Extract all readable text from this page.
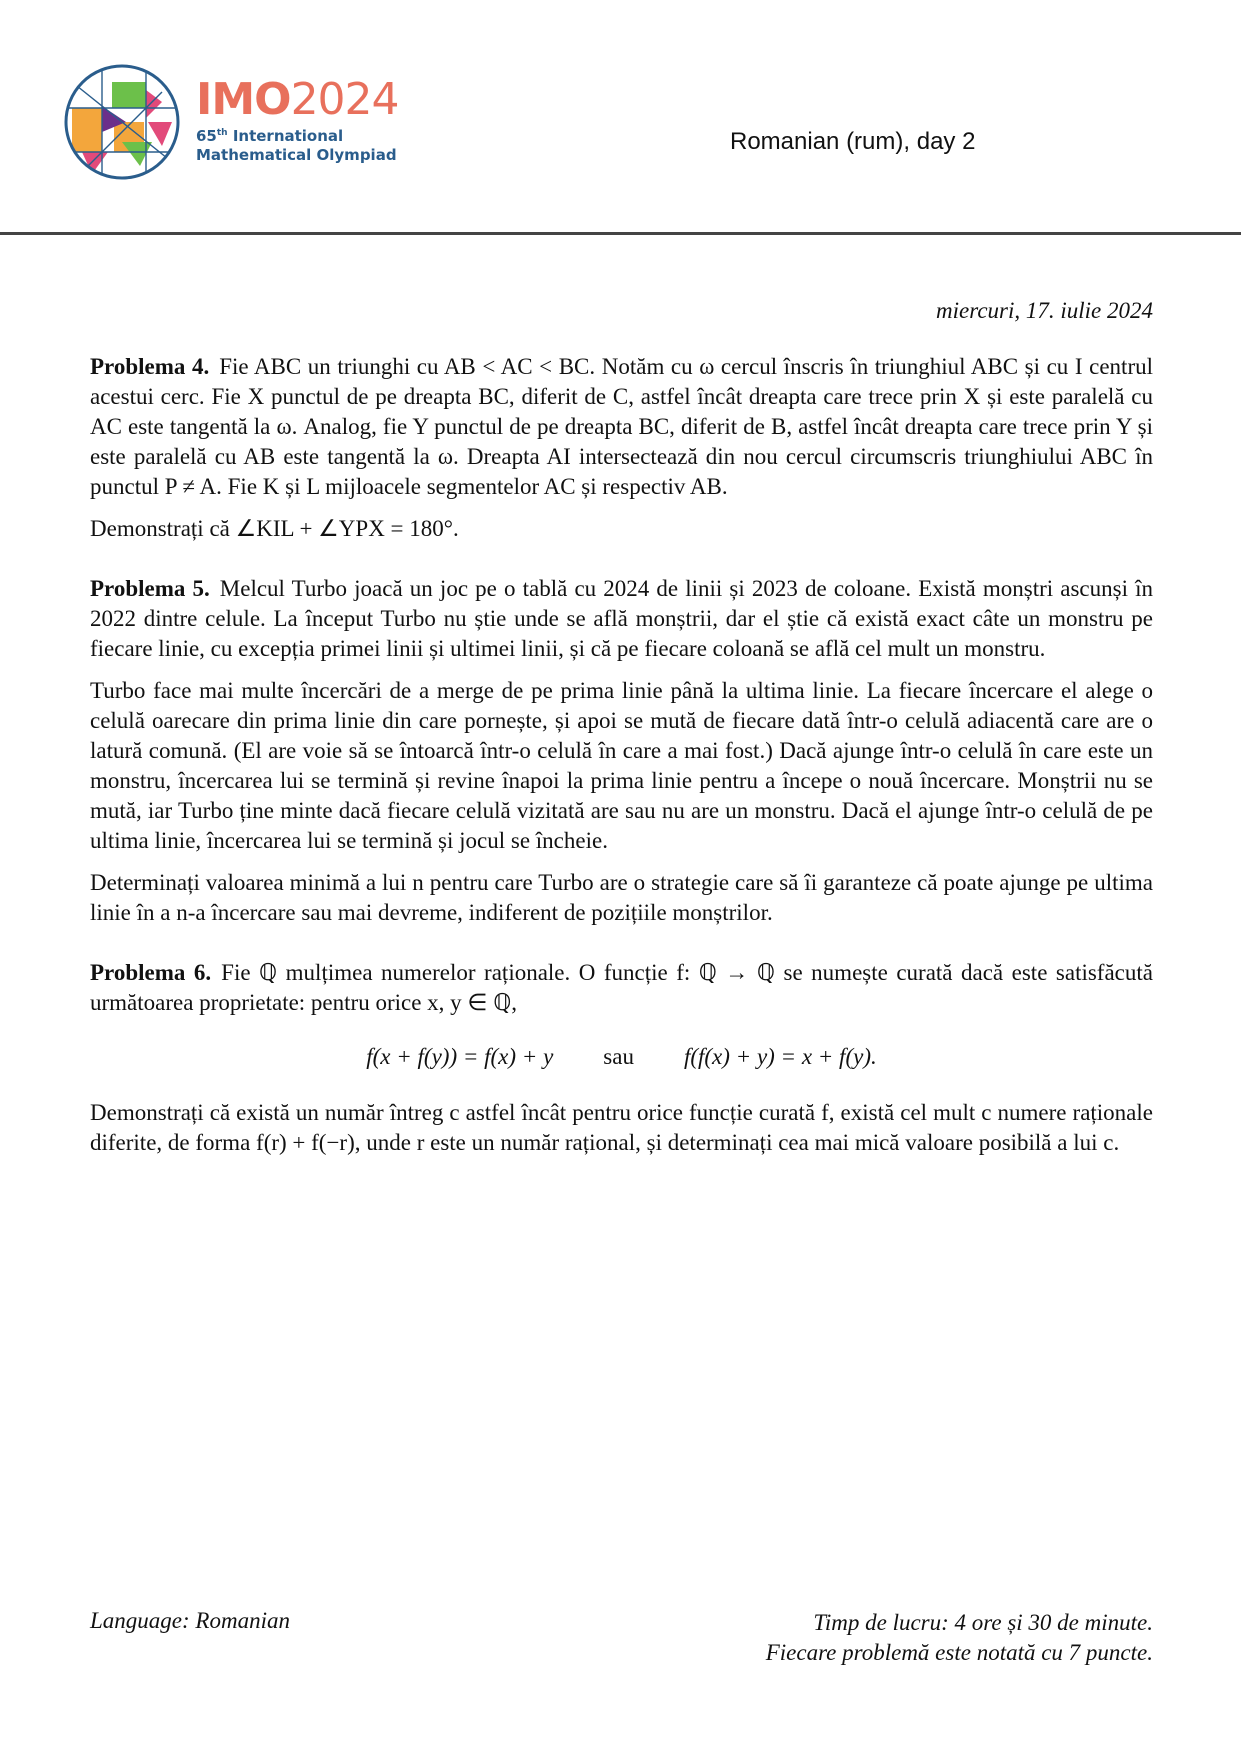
IMO2024
65th International
Mathematical Olympiad	Romanian (rum), day 2
miercuri, 17. iulie 2024

Problema 4. Fie ABC un triunghi cu AB < AC < BC. Notăm cu ω cercul înscris în triunghiul ABC și cu I centrul acestui cerc. Fie X punctul de pe dreapta BC, diferit de C, astfel încât dreapta care trece prin X și este paralelă cu AC este tangentă la ω. Analog, fie Y punctul de pe dreapta BC, diferit de B, astfel încât dreapta care trece prin Y și este paralelă cu AB este tangentă la ω. Dreapta AI intersectează din nou cercul circumscris triunghiului ABC în punctul P ≠ A. Fie K și L mijloacele segmentelor AC și respectiv AB.

Demonstrați că ∠KIL + ∠YPX = 180°.

Problema 5. Melcul Turbo joacă un joc pe o tablă cu 2024 de linii și 2023 de coloane. Există monștri ascunși în 2022 dintre celule. La început Turbo nu știe unde se află monștrii, dar el știe că există exact câte un monstru pe fiecare linie, cu excepția primei linii și ultimei linii, și că pe fiecare coloană se află cel mult un monstru.

Turbo face mai multe încercări de a merge de pe prima linie până la ultima linie. La fiecare încercare el alege o celulă oarecare din prima linie din care pornește, și apoi se mută de fiecare dată într-o celulă adiacentă care are o latură comună. (El are voie să se întoarcă într-o celulă în care a mai fost.) Dacă ajunge într-o celulă în care este un monstru, încercarea lui se termină și revine înapoi la prima linie pentru a începe o nouă încercare. Monștrii nu se mută, iar Turbo ține minte dacă fiecare celulă vizitată are sau nu are un monstru. Dacă el ajunge într-o celulă de pe ultima linie, încercarea lui se termină și jocul se încheie.

Determinați valoarea minimă a lui n pentru care Turbo are o strategie care să îi garanteze că poate ajunge pe ultima linie în a n-a încercare sau mai devreme, indiferent de pozițiile monștrilor.

Problema 6. Fie ℚ mulțimea numerelor raționale. O funcție f: ℚ → ℚ se numește curată dacă este satisfăcută următoarea proprietate: pentru orice x, y ∈ ℚ,

f(x + f(y)) = f(x) + y sau f(f(x) + y) = x + f(y).

Demonstrați că există un număr întreg c astfel încât pentru orice funcție curată f, există cel mult c numere raționale diferite, de forma f(r) + f(−r), unde r este un număr rațional, și determinați cea mai mică valoare posibilă a lui c.

Language: Romanian	Timp de lucru: 4 ore și 30 de minute.
Fiecare problemă este notată cu 7 puncte.
